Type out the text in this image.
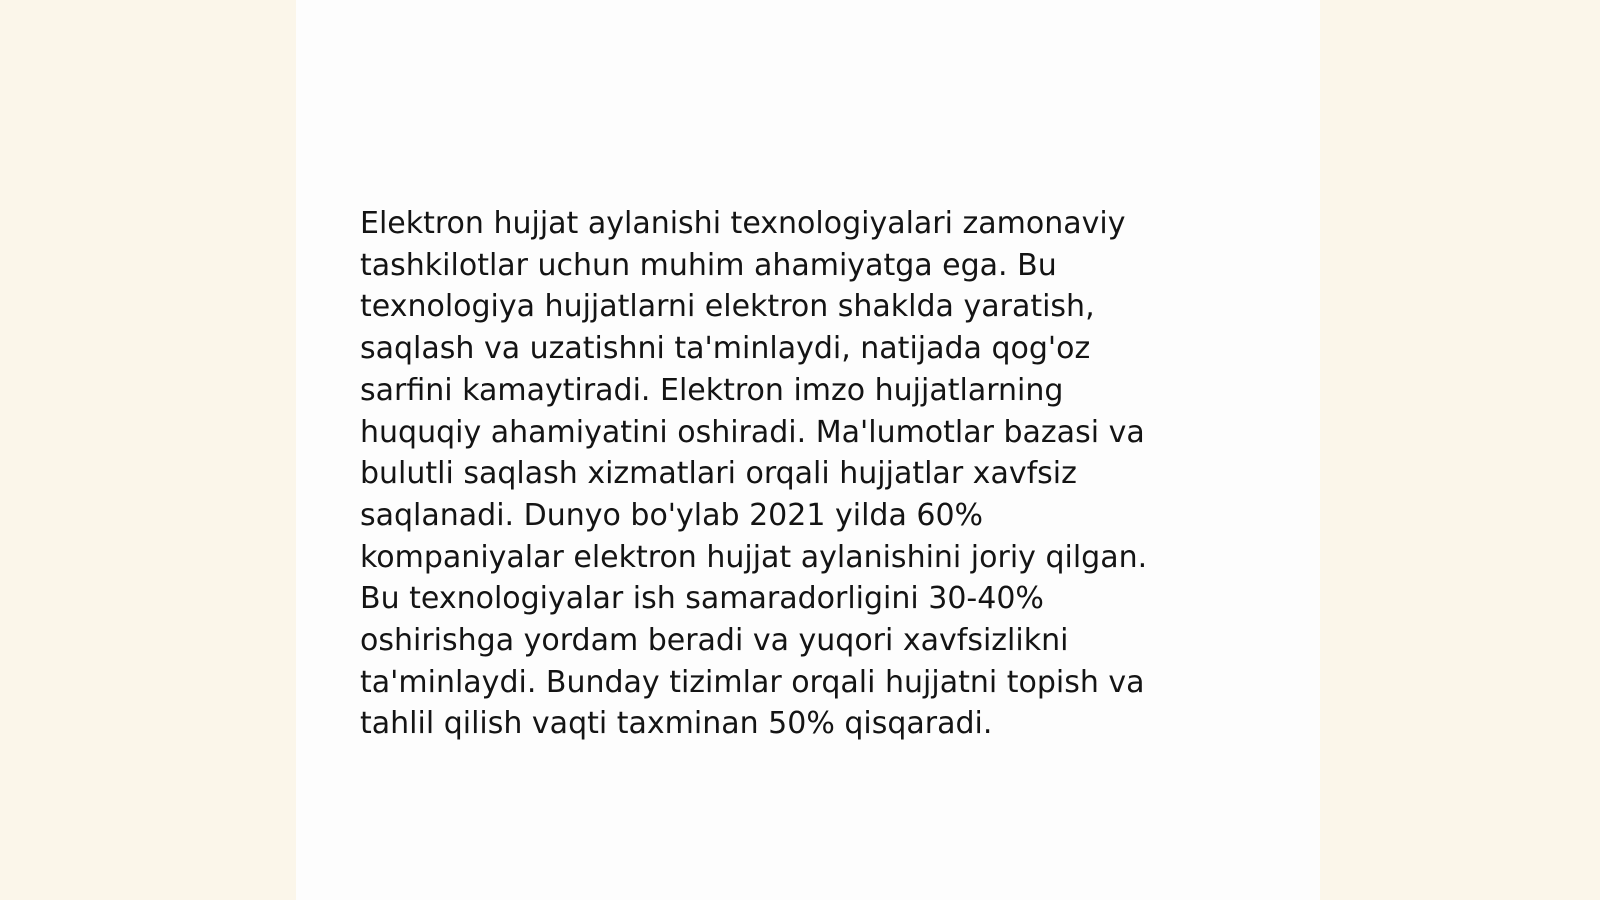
Elektron hujjat aylanishi texnologiyalari zamonaviy
tashkilotlar uchun muhim ahamiyatga ega. Bu
texnologiya hujjatlarni elektron shaklda yaratish,
saqlash va uzatishni ta'minlaydi, natijada qog'oz
sarfini kamaytiradi. Elektron imzo hujjatlarning
huquqiy ahamiyatini oshiradi. Ma'lumotlar bazasi va
bulutli saqlash xizmatlari orqali hujjatlar xavfsiz
saqlanadi. Dunyo bo'ylab 2021 yilda 60%
kompaniyalar elektron hujjat aylanishini joriy qilgan.
Bu texnologiyalar ish samaradorligini 30-40%
oshirishga yordam beradi va yuqori xavfsizlikni
ta'minlaydi. Bunday tizimlar orqali hujjatni topish va
tahlil qilish vaqti taxminan 50% qisqaradi.
